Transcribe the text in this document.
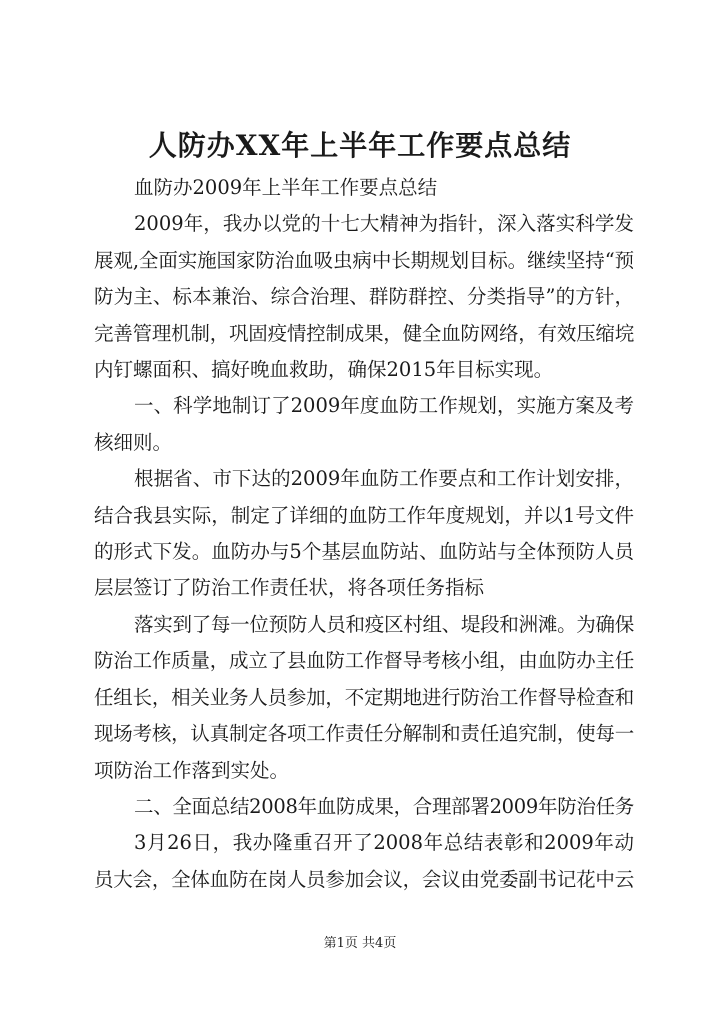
人防办XX年上半年工作要点总结
血防办2009年上半年工作要点总结
2009年，我办以党的十七大精神为指针，深入落实科学发
展观,全面实施国家防治血吸虫病中长期规划目标。继续坚持“预
防为主、标本兼治、综合治理、群防群控、分类指导”的方针，
完善管理机制，巩固疫情控制成果，健全血防网络，有效压缩垸
内钉螺面积、搞好晚血救助，确保2015年目标实现。
一、科学地制订了2009年度血防工作规划，实施方案及考
核细则。
根据省、市下达的2009年血防工作要点和工作计划安排，
结合我县实际，制定了详细的血防工作年度规划，并以1号文件
的形式下发。血防办与5个基层血防站、血防站与全体预防人员
层层签订了防治工作责任状，将各项任务指标
落实到了每一位预防人员和疫区村组、堤段和洲滩。为确保
防治工作质量，成立了县血防工作督导考核小组，由血防办主任
任组长，相关业务人员参加，不定期地进行防治工作督导检查和
现场考核，认真制定各项工作责任分解制和责任追究制，使每一
项防治工作落到实处。
二、全面总结2008年血防成果，合理部署2009年防治任务
3月26日，我办隆重召开了2008年总结表彰和2009年动
员大会，全体血防在岗人员参加会议，会议由党委副书记花中云
第1页 共4页
